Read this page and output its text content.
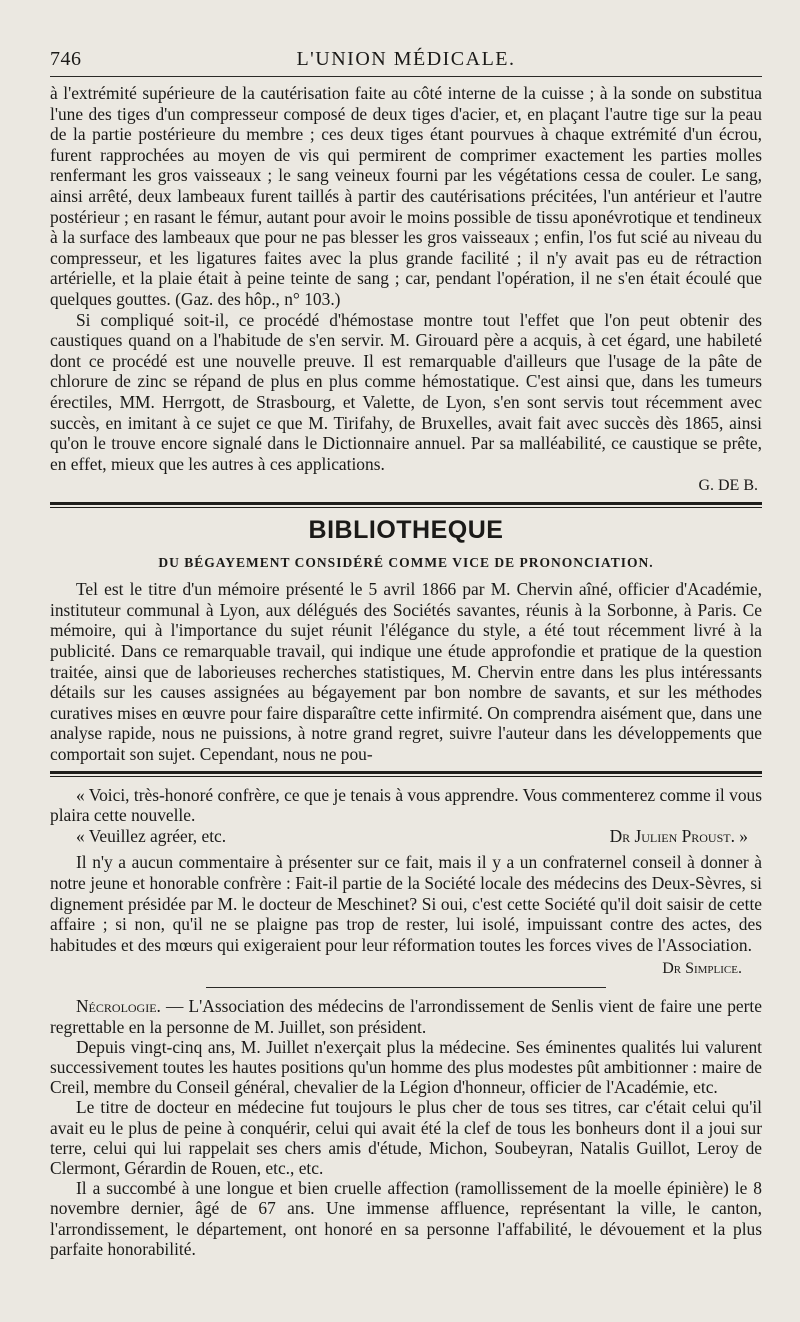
746	L'UNION MÉDICALE.

à l'extrémité supérieure de la cautérisation faite au côté interne de la cuisse ; à la sonde on substitua l'une des tiges d'un compresseur composé de deux tiges d'acier, et, en plaçant l'autre tige sur la peau de la partie postérieure du membre ; ces deux tiges étant pourvues à chaque extrémité d'un écrou, furent rapprochées au moyen de vis qui permirent de comprimer exactement les parties molles renfermant les gros vaisseaux ; le sang veineux fourni par les végétations cessa de couler. Le sang, ainsi arrêté, deux lambeaux furent taillés à partir des cautérisations précitées, l'un antérieur et l'autre postérieur ; en rasant le fémur, autant pour avoir le moins possible de tissu aponévrotique et tendineux à la surface des lambeaux que pour ne pas blesser les gros vaisseaux ; enfin, l'os fut scié au niveau du compresseur, et les ligatures faites avec la plus grande facilité ; il n'y avait pas eu de rétraction artérielle, et la plaie était à peine teinte de sang ; car, pendant l'opération, il ne s'en était écoulé que quelques gouttes. (Gaz. des hôp., n° 103.)

Si compliqué soit-il, ce procédé d'hémostase montre tout l'effet que l'on peut obtenir des caustiques quand on a l'habitude de s'en servir. M. Girouard père a acquis, à cet égard, une habileté dont ce procédé est une nouvelle preuve. Il est remarquable d'ailleurs que l'usage de la pâte de chlorure de zinc se répand de plus en plus comme hémostatique. C'est ainsi que, dans les tumeurs érectiles, MM. Herrgott, de Strasbourg, et Valette, de Lyon, s'en sont servis tout récemment avec succès, en imitant à ce sujet ce que M. Tirifahy, de Bruxelles, avait fait avec succès dès 1865, ainsi qu'on le trouve encore signalé dans le Dictionnaire annuel. Par sa malléabilité, ce caustique se prête, en effet, mieux que les autres à ces applications.

G. DE B.
BIBLIOTHEQUE
DU BÉGAYEMENT CONSIDÉRÉ COMME VICE DE PRONONCIATION.

Tel est le titre d'un mémoire présenté le 5 avril 1866 par M. Chervin aîné, officier d'Académie, instituteur communal à Lyon, aux délégués des Sociétés savantes, réunis à la Sorbonne, à Paris. Ce mémoire, qui à l'importance du sujet réunit l'élégance du style, a été tout récemment livré à la publicité. Dans ce remarquable travail, qui indique une étude approfondie et pratique de la question traitée, ainsi que de laborieuses recherches statistiques, M. Chervin entre dans les plus intéressants détails sur les causes assignées au bégayement par bon nombre de savants, et sur les méthodes curatives mises en œuvre pour faire disparaître cette infirmité. On comprendra aisément que, dans une analyse rapide, nous ne puissions, à notre grand regret, suivre l'auteur dans les développements que comportait son sujet. Cependant, nous ne pou-

« Voici, très-honoré confrère, ce que je tenais à vous apprendre. Vous commenterez comme il vous plaira cette nouvelle.

« Veuillez agréer, etc.	Dr Julien Proust. »

Il n'y a aucun commentaire à présenter sur ce fait, mais il y a un confraternel conseil à donner à notre jeune et honorable confrère : Fait-il partie de la Société locale des médecins des Deux-Sèvres, si dignement présidée par M. le docteur de Meschinet? Si oui, c'est cette Société qu'il doit saisir de cette affaire ; si non, qu'il ne se plaigne pas trop de rester, lui isolé, impuissant contre des actes, des habitudes et des mœurs qui exigeraient pour leur réformation toutes les forces vives de l'Association.

Dr Simplice.

Nécrologie. — L'Association des médecins de l'arrondissement de Senlis vient de faire une perte regrettable en la personne de M. Juillet, son président.

Depuis vingt-cinq ans, M. Juillet n'exerçait plus la médecine. Ses éminentes qualités lui valurent successivement toutes les hautes positions qu'un homme des plus modestes pût ambitionner : maire de Creil, membre du Conseil général, chevalier de la Légion d'honneur, officier de l'Académie, etc.

Le titre de docteur en médecine fut toujours le plus cher de tous ses titres, car c'était celui qu'il avait eu le plus de peine à conquérir, celui qui avait été la clef de tous les bonheurs dont il a joui sur terre, celui qui lui rappelait ses chers amis d'étude, Michon, Soubeyran, Natalis Guillot, Leroy de Clermont, Gérardin de Rouen, etc., etc.

Il a succombé à une longue et bien cruelle affection (ramollissement de la moelle épinière) le 8 novembre dernier, âgé de 67 ans. Une immense affluence, représentant la ville, le canton, l'arrondissement, le département, ont honoré en sa personne l'affabilité, le dévouement et la plus parfaite honorabilité.
